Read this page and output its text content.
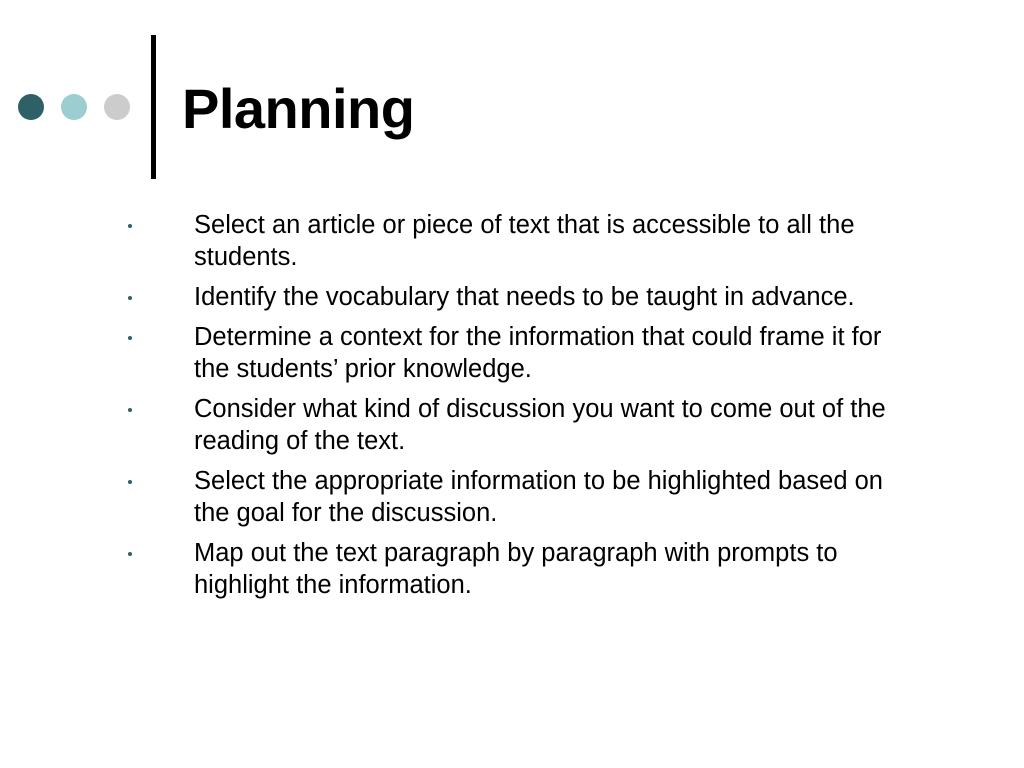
Planning
Select an article or piece of text that is accessible to all the students.
Identify the vocabulary that needs to be taught in advance.
Determine a context for the information that could frame it for the students’ prior knowledge.
Consider what kind of discussion you want to come out of the reading of the text.
Select the appropriate information to be highlighted based on the goal for the discussion.
Map out the text paragraph by paragraph with prompts to highlight the information.
